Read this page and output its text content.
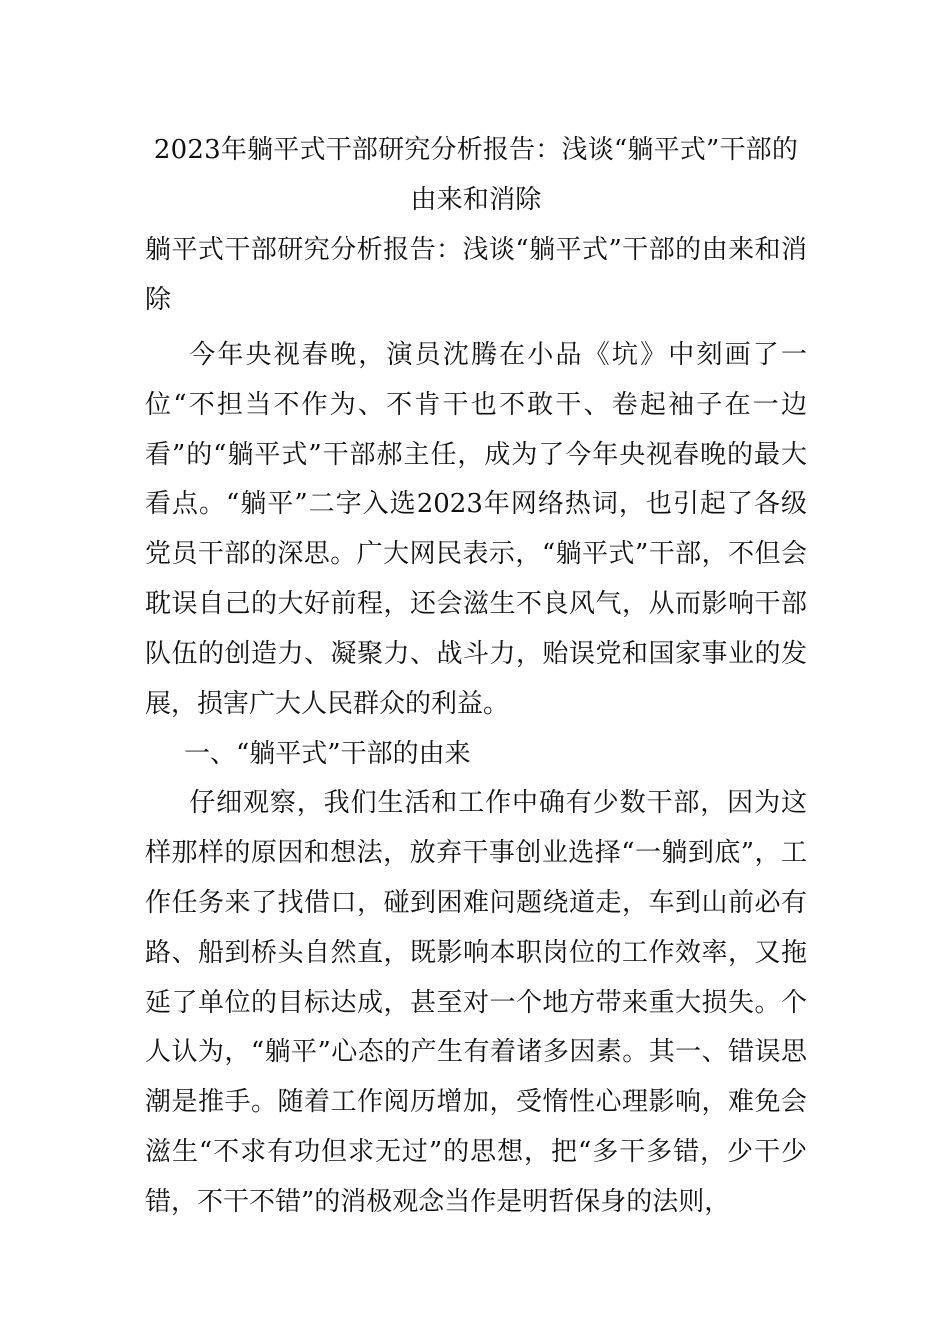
2023年躺平式干部研究分析报告：浅谈“躺平式”干部的由来和消除
躺平式干部研究分析报告：浅谈“躺平式”干部的由来和消除

今年央视春晚，演员沈腾在小品《坑》中刻画了一位“不担当不作为、不肯干也不敢干、卷起袖子在一边看”的“躺平式”干部郝主任，成为了今年央视春晚的最大看点。“躺平”二字入选2023年网络热词，也引起了各级党员干部的深思。广大网民表示，“躺平式”干部，不但会耽误自己的大好前程，还会滋生不良风气，从而影响干部队伍的创造力、凝聚力、战斗力，贻误党和国家事业的发展，损害广大人民群众的利益。

一、“躺平式”干部的由来

仔细观察，我们生活和工作中确有少数干部，因为这样那样的原因和想法，放弃干事创业选择“一躺到底”，工作任务来了找借口，碰到困难问题绕道走，车到山前必有路、船到桥头自然直，既影响本职岗位的工作效率，又拖延了单位的目标达成，甚至对一个地方带来重大损失。个人认为，“躺平”心态的产生有着诸多因素。其一、错误思潮是推手。随着工作阅历增加，受惰性心理影响，难免会滋生“不求有功但求无过”的思想，把“多干多错，少干少错，不干不错”的消极观念当作是明哲保身的法则，
